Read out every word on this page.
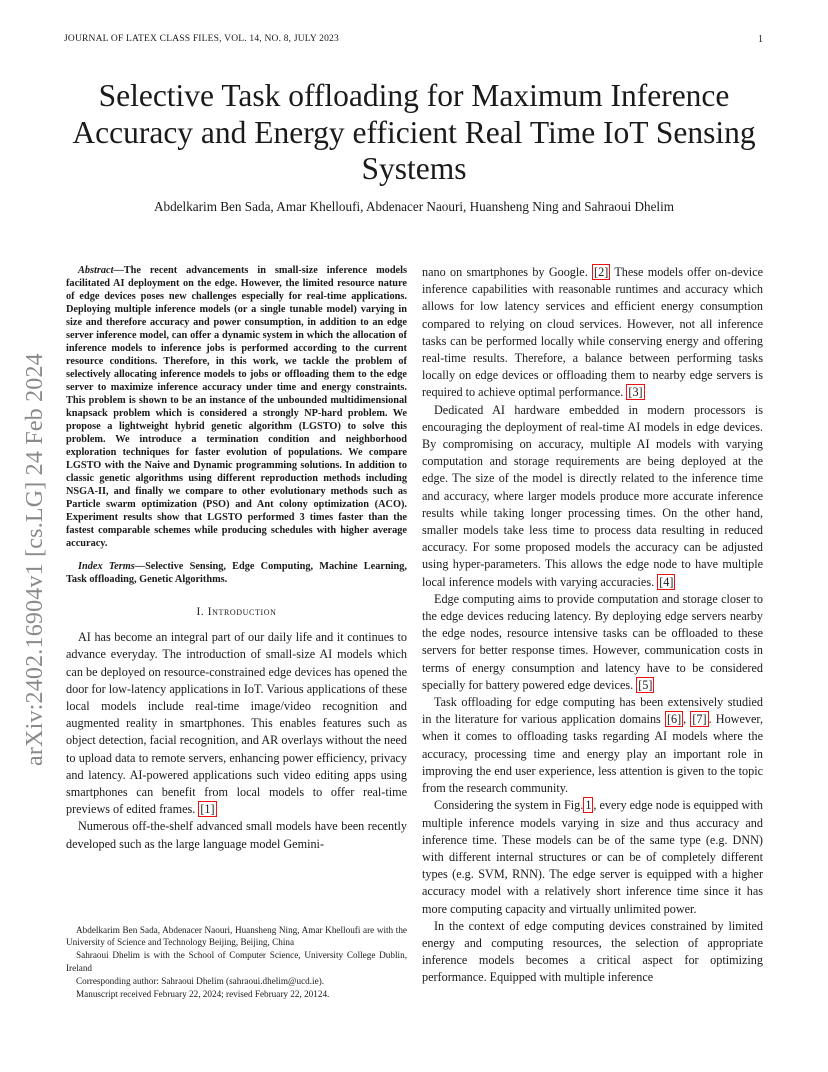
JOURNAL OF LATEX CLASS FILES, VOL. 14, NO. 8, JULY 2023	1
Selective Task offloading for Maximum Inference Accuracy and Energy efficient Real Time IoT Sensing Systems
Abdelkarim Ben Sada, Amar Khelloufi, Abdenacer Naouri, Huansheng Ning and Sahraoui Dhelim
arXiv:2402.16904v1 [cs.LG] 24 Feb 2024

Abstract—The recent advancements in small-size inference models facilitated AI deployment on the edge. However, the limited resource nature of edge devices poses new challenges especially for real-time applications. Deploying multiple inference models (or a single tunable model) varying in size and therefore accuracy and power consumption, in addition to an edge server inference model, can offer a dynamic system in which the allocation of inference models to inference jobs is performed according to the current resource conditions. Therefore, in this work, we tackle the problem of selectively allocating inference models to jobs or offloading them to the edge server to maximize inference accuracy under time and energy constraints. This problem is shown to be an instance of the unbounded multidimensional knapsack problem which is considered a strongly NP-hard problem. We propose a lightweight hybrid genetic algorithm (LGSTO) to solve this problem. We introduce a termination condition and neighborhood exploration techniques for faster evolution of populations. We compare LGSTO with the Naive and Dynamic programming solutions. In addition to classic genetic algorithms using different reproduction methods including NSGA-II, and finally we compare to other evolutionary methods such as Particle swarm optimization (PSO) and Ant colony optimization (ACO). Experiment results show that LGSTO performed 3 times faster than the fastest comparable schemes while producing schedules with higher average accuracy.

Index Terms—Selective Sensing, Edge Computing, Machine Learning, Task offloading, Genetic Algorithms.

I. Introduction

AI has become an integral part of our daily life and it continues to advance everyday. The introduction of small-size AI models which can be deployed on resource-constrained edge devices has opened the door for low-latency applications in IoT. Various applications of these local models include real-time image/video recognition and augmented reality in smartphones. This enables features such as object detection, facial recognition, and AR overlays without the need to upload data to remote servers, enhancing power efficiency, privacy and latency. AI-powered applications such video editing apps using smartphones can benefit from local models to offer real-time previews of edited frames. [1]

Numerous off-the-shelf advanced small models have been recently developed such as the large language model Gemini-

Abdelkarim Ben Sada, Abdenacer Naouri, Huansheng Ning, Amar Khelloufi are with the University of Science and Technology Beijing, Beijing, China

Sahraoui Dhelim is with the School of Computer Science, University College Dublin, Ireland

Corresponding author: Sahraoui Dhelim (sahraoui.dhelim@ucd.ie).

Manuscript received February 22, 2024; revised February 22, 20124.

nano on smartphones by Google. [2] These models offer on-device inference capabilities with reasonable runtimes and accuracy which allows for low latency services and efficient energy consumption compared to relying on cloud services. However, not all inference tasks can be performed locally while conserving energy and offering real-time results. Therefore, a balance between performing tasks locally on edge devices or offloading them to nearby edge servers is required to achieve optimal performance. [3]

Dedicated AI hardware embedded in modern processors is encouraging the deployment of real-time AI models in edge devices. By compromising on accuracy, multiple AI models with varying computation and storage requirements are being deployed at the edge. The size of the model is directly related to the inference time and accuracy, where larger models produce more accurate inference results while taking longer processing times. On the other hand, smaller models take less time to process data resulting in reduced accuracy. For some proposed models the accuracy can be adjusted using hyper-parameters. This allows the edge node to have multiple local inference models with varying accuracies. [4]

Edge computing aims to provide computation and storage closer to the edge devices reducing latency. By deploying edge servers nearby the edge nodes, resource intensive tasks can be offloaded to these servers for better response times. However, communication costs in terms of energy consumption and latency have to be considered specially for battery powered edge devices. [5]

Task offloading for edge computing has been extensively studied in the literature for various application domains [6] , [7] . However, when it comes to offloading tasks regarding AI models where the accuracy, processing time and energy play an important role in improving the end user experience, less attention is given to the topic from the research community.

Considering the system in Fig. 1 , every edge node is equipped with multiple inference models varying in size and thus accuracy and inference time. These models can be of the same type (e.g. DNN) with different internal structures or can be of completely different types (e.g. SVM, RNN). The edge server is equipped with a higher accuracy model with a relatively short inference time since it has more computing capacity and virtually unlimited power.

In the context of edge computing devices constrained by limited energy and computing resources, the selection of appropriate inference models becomes a critical aspect for optimizing performance. Equipped with multiple inference
